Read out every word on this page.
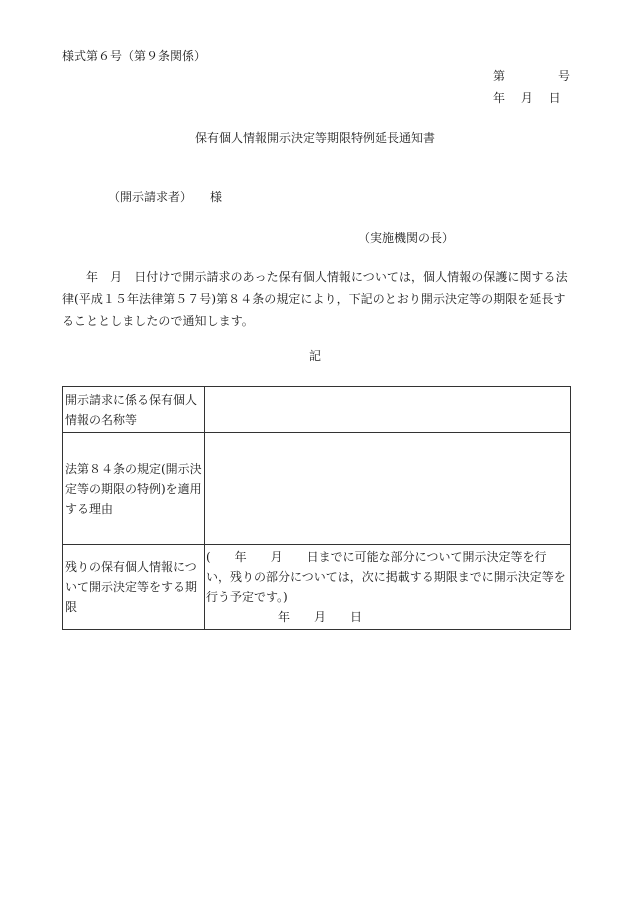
様式第６号（第９条関係）
第	号
年　 月　 日
保有個人情報開示決定等期限特例延長通知書
（開示請求者）　　様
（実施機関の長）
年　月　日付けで開示請求のあった保有個人情報については，個人情報の保護に関する法律(平成１５年法律第５７号)第８４条の規定により，下記のとおり開示決定等の期限を延長することとしましたので通知します。
記
開示請求に係る保有個人情報の名称等	
法第８４条の規定(開示決定等の期限の特例)を適用する理由	
残りの保有個人情報について開示決定等をする期限	(　　年　　月　　日までに可能な部分について開示決定等を行い，残りの部分については，次に掲載する期限までに開示決定等を行う予定です。)
年　　月　　日
